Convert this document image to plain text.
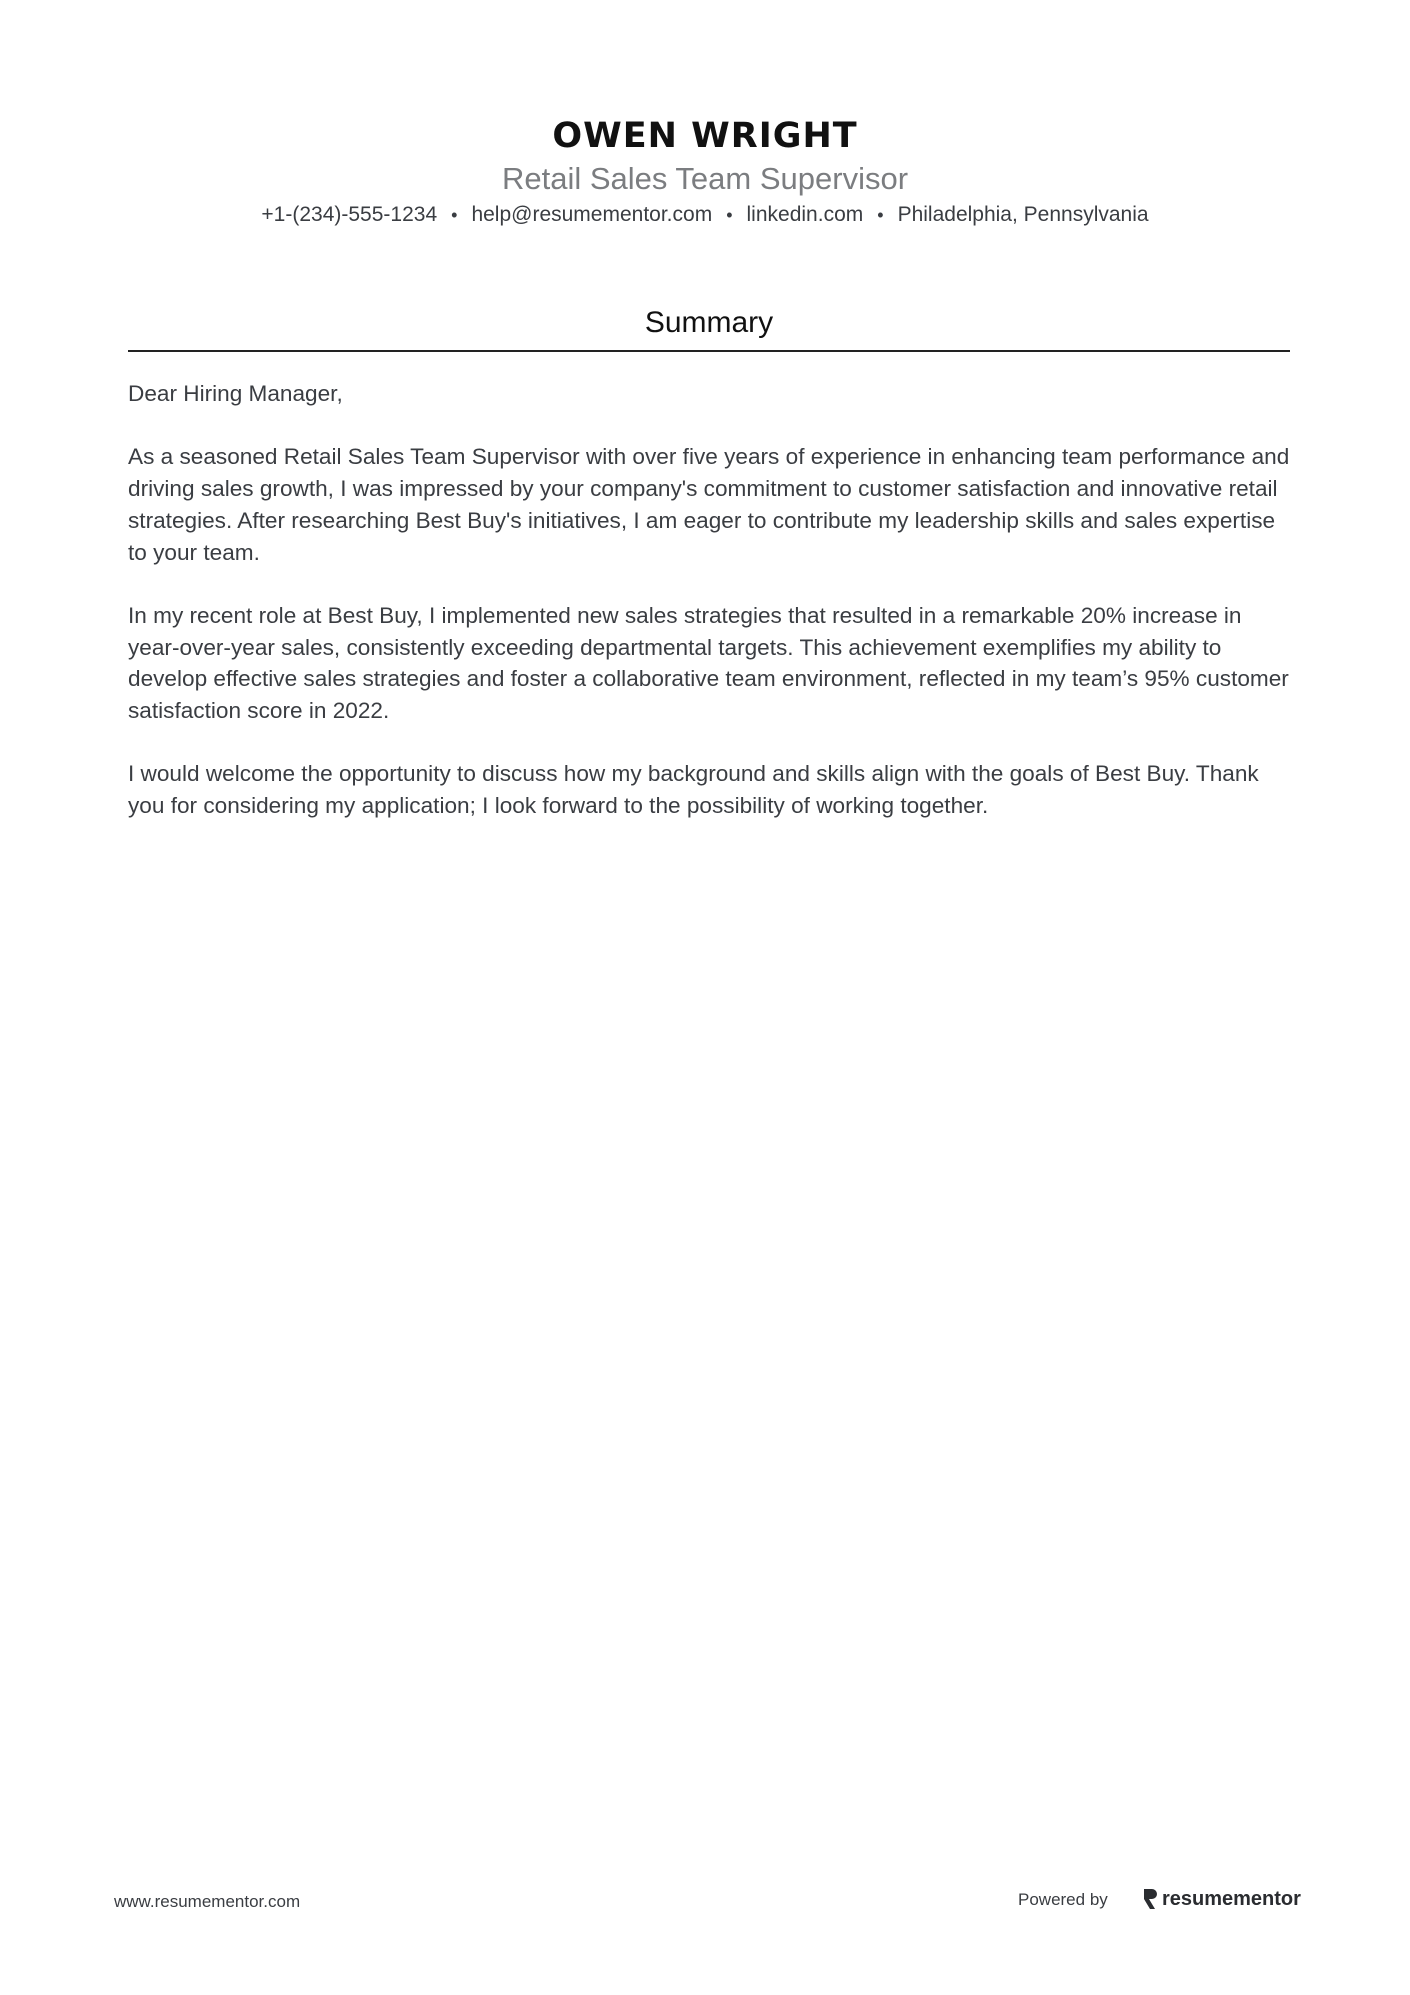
OWEN WRIGHT
Retail Sales Team Supervisor
+1-(234)-555-1234 • help@resumementor.com • linkedin.com • Philadelphia, Pennsylvania
Summary

Dear Hiring Manager,

As a seasoned Retail Sales Team Supervisor with over five years of experience in enhancing team performance and driving sales growth, I was impressed by your company's commitment to customer satisfaction and innovative retail strategies. After researching Best Buy's initiatives, I am eager to contribute my leadership skills and sales expertise to your team.

In my recent role at Best Buy, I implemented new sales strategies that resulted in a remarkable 20% increase in year-over-year sales, consistently exceeding departmental targets. This achievement exemplifies my ability to develop effective sales strategies and foster a collaborative team environment, reflected in my team’s 95% customer satisfaction score in 2022.

I would welcome the opportunity to discuss how my background and skills align with the goals of Best Buy. Thank you for considering my application; I look forward to the possibility of working together.

www.resumementor.com	Powered by	resumementor
